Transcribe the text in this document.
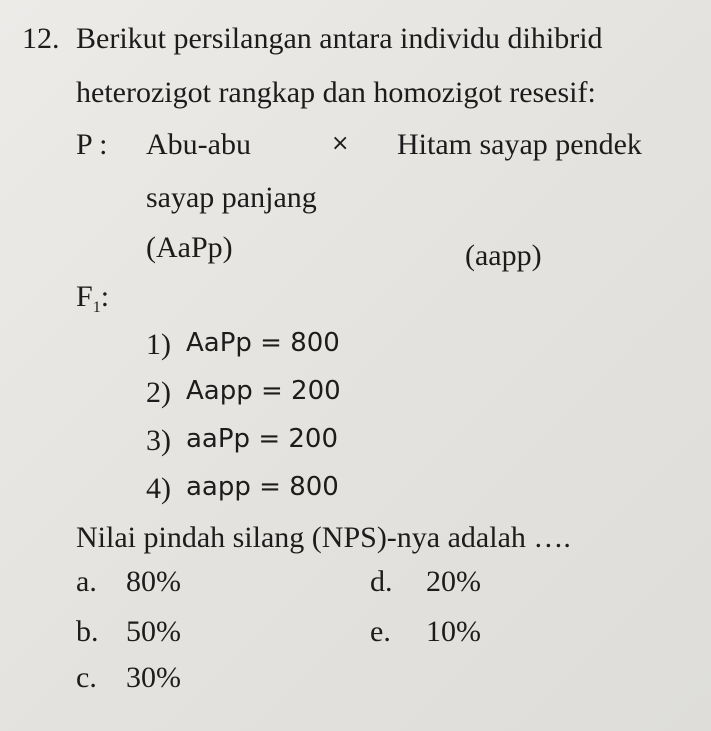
12. Berikut persilangan antara individu dihibrid
heterozigot rangkap dan homozigot resesif:
P : Abu-abu	× Hitam sayap pendek
sayap panjang
(AaPp)	(aapp)
$F_1$:
1) AaPp = 800
2) Aapp = 200
3) aaPp = 200
4) aapp = 800
Nilai pindah silang (NPS)-nya adalah ….
a. 80%
b. 50%
c. 30%
d. 20%
e. 10%
